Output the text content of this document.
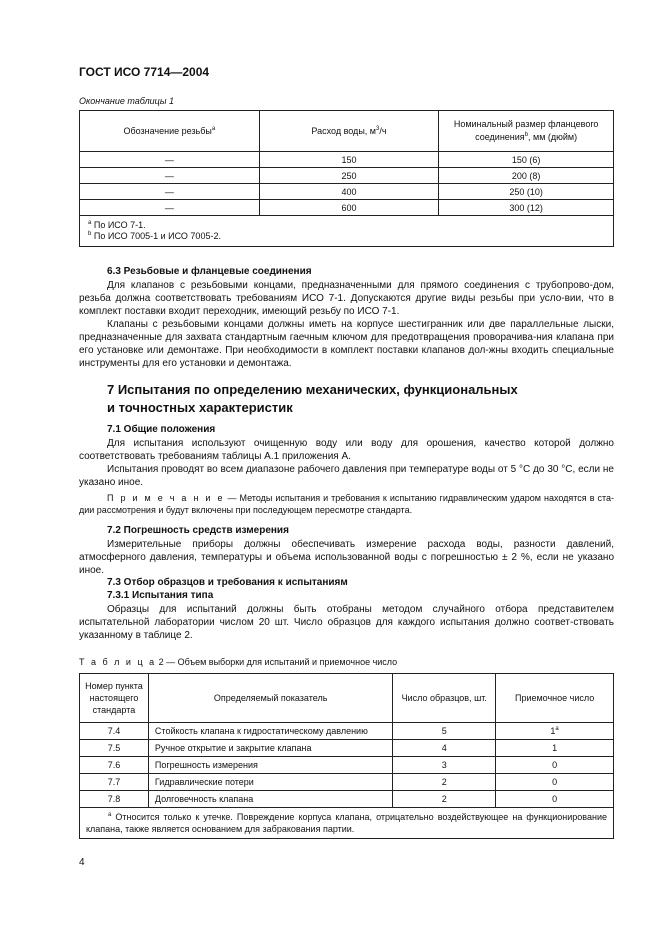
ГОСТ ИСО 7714—2004
Окончание таблицы 1
Обозначение резьбы$^a$	Расход воды, $м^3/ч$	Номинальный размер фланцевого
соединения$^b$, мм (дюйм)
—	150	150 (6)
—	250	200 (8)
—	400	250 (10)
—	600	300 (12)

$^a$ По ИСО 7-1.
$^b$ По ИСО 7005-1 и ИСО 7005-2.		
6.3 Резьбовые и фланцевые соединения

Для клапанов с резьбовыми концами, предназначенными для прямого соединения с трубопрово-дом, резьба должна соответствовать требованиям ИСО 7-1. Допускаются другие виды резьбы при усло-вии, что в комплект поставки входит переходник, имеющий резьбу по ИСО 7-1.

Клапаны с резьбовыми концами должны иметь на корпусе шестигранник или две параллельные лыски, предназначенные для захвата стандартным гаечным ключом для предотвращения проворачива-ния клапана при его установке или демонтаже. При необходимости в комплект поставки клапанов дол-жны входить специальные инструменты для его установки и демонтажа.

7 Испытания по определению механических, функциональных
и точностных характеристик
7.1 Общие положения

Для испытания используют очищенную воду или воду для орошения, качество которой должно соответствовать требованиям таблицы А.1 приложения А.

Испытания проводят во всем диапазоне рабочего давления при температуре воды от 5 °С до 30 °С, если не указано иное.

П р и м е ч а н и е — Методы испытания и требования к испытанию гидравлическим ударом находятся в ста-дии рассмотрения и будут включены при последующем пересмотре стандарта.

7.2 Погрешность средств измерения

Измерительные приборы должны обеспечивать измерение расхода воды, разности давлений, атмосферного давления, температуры и объема использованной воды с погрешностью ± 2 %, если не указано иное.

7.3 Отбор образцов и требования к испытаниям
7.3.1 Испытания типа

Образцы для испытаний должны быть отобраны методом случайного отбора представителем испытательной лаборатории числом 20 шт. Число образцов для каждого испытания должно соответ-ствовать указанному в таблице 2.

Т а б л и ц а 2 — Объем выборки для испытаний и приемочное число
Номер пункта
настоящего
стандарта	Определяемый показатель	Число образцов, шт.	Приемочное число
7.4	Стойкость клапана к гидростатическому давлению	5	1$^a$
7.5	Ручное открытие и закрытие клапана	4	1
7.6	Погрешность измерения	3	0
7.7	Гидравлические потери	2	0
7.8	Долговечность клапана	2	0
$^a$ Относится только к утечке. Повреждение корпуса клапана, отрицательно воздействующее на функционирование клапана, также является основанием для забракования партии.			
4
